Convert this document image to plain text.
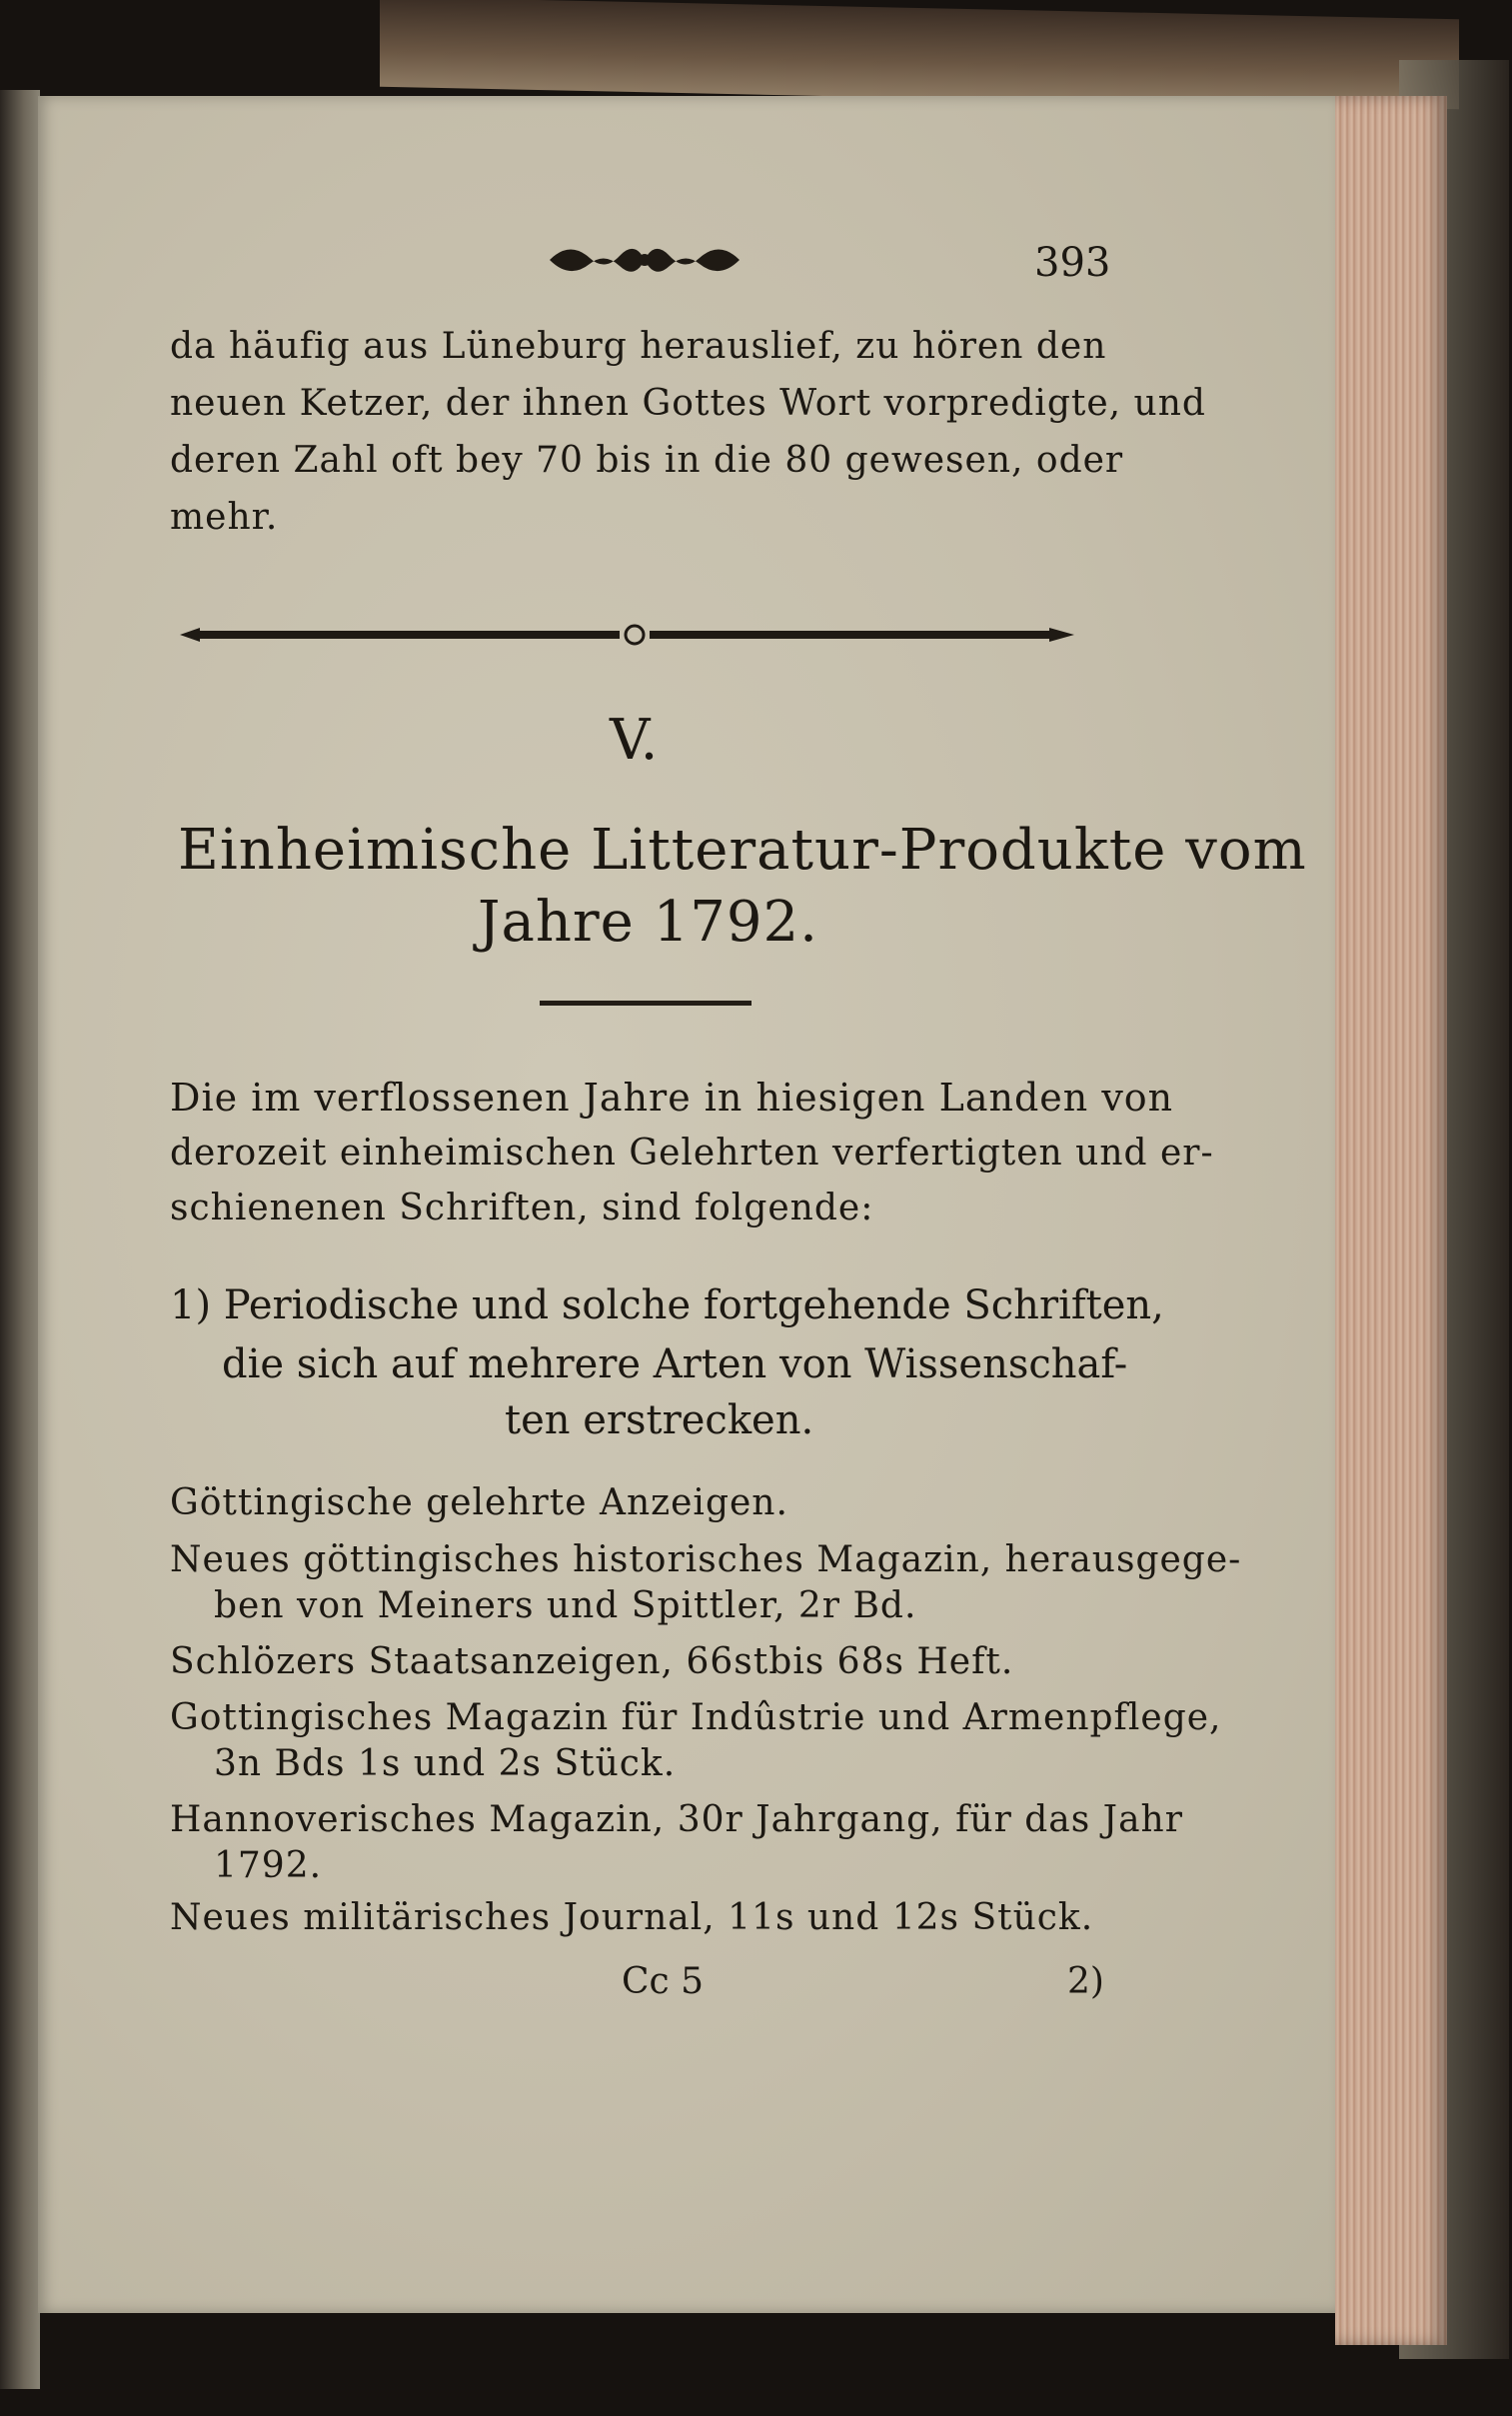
393
da häufig aus Lüneburg herauslief, zu hören den
neuen Ketzer, der ihnen Gottes Wort vorpredigte, und
deren Zahl oft bey 70 bis in die 80 gewesen, oder
mehr.
V.
Einheimische Litteratur-Produkte vom
Jahre 1792.
Die im verflossenen Jahre in hiesigen Landen von
derozeit einheimischen Gelehrten verfertigten und er-
schienenen Schriften, sind folgende:
1) Periodische und solche fortgehende Schriften,
die sich auf mehrere Arten von Wissenschaf-
ten erstrecken.
Göttingische gelehrte Anzeigen.
Neues göttingisches historisches Magazin, herausgege-
ben von Meiners und Spittler, 2r Bd.
Schlözers Staatsanzeigen, 66stbis 68s Heft.
Gottingisches Magazin für Indûstrie und Armenpflege,
3n Bds 1s und 2s Stück.
Hannoverisches Magazin, 30r Jahrgang, für das Jahr
1792.
Neues militärisches Journal, 11s und 12s Stück.
Cc 5	2)
